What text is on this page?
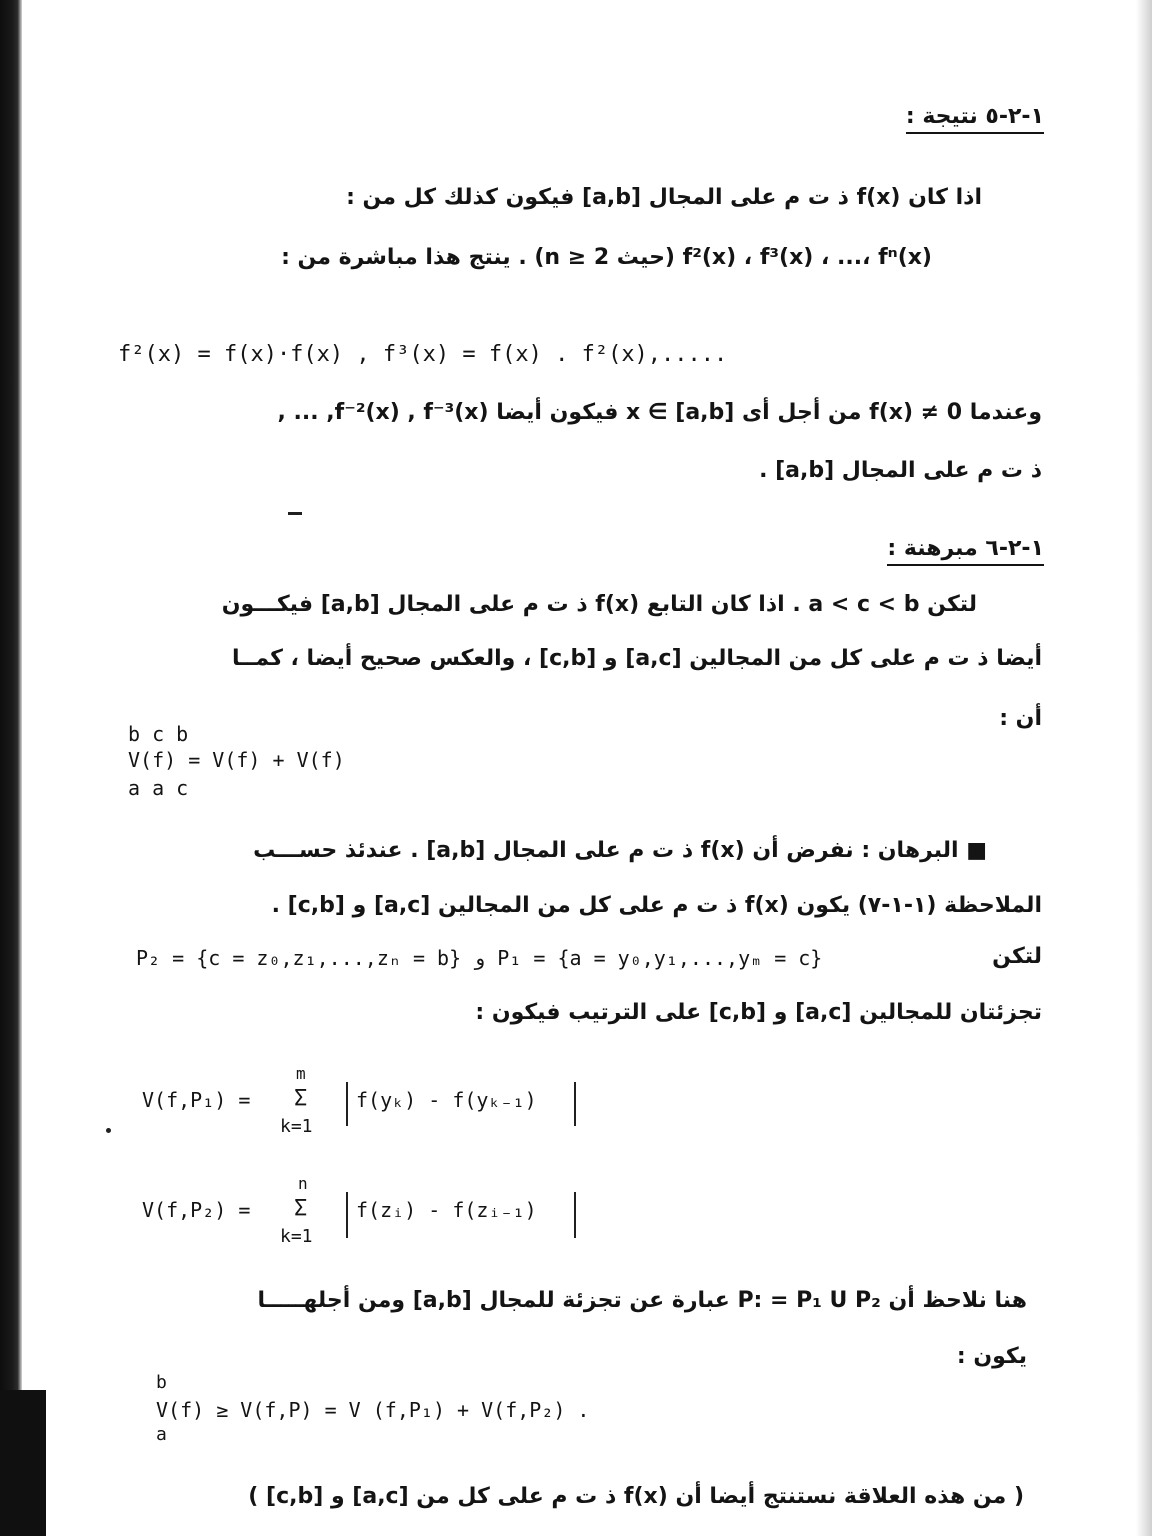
١-٢-٥ نتيجة :
اذا كان f(x) ذ ت م على المجال [a,b] فيكون كذلك كل من :
f²(x) ، f³(x) ، ...، fⁿ(x) (حيث n ≥ 2) . ينتج هذا مباشرة من :
f²(x) = f(x)·f(x) , f³(x) = f(x) . f²(x),.....
وعندما f(x) ≠ 0 من أجل أى x ∈ [a,b] فيكون أيضا f⁻²(x) , f⁻³(x), ... ,
ذ ت م على المجال [a,b] .
١-٢-٦ مبرهنة :
لتكن a < c < b . اذا كان التابع f(x) ذ ت م على المجال [a,b] فيكـــون
أيضا ذ ت م على كل من المجالين [a,c] و [c,b] ، والعكس صحيح أيضا ، كمــا
أن :
b c b
V(f) = V(f) + V(f)
a a c
■ البرهان : نفرض أن f(x) ذ ت م على المجال [a,b] . عندئذ حســـب
الملاحظة (١-١-٧) يكون f(x) ذ ت م على كل من المجالين [a,c] و [c,b] .
لتكن
P₂ = {c = z₀,z₁,...,zₙ = b} و P₁ = {a = y₀,y₁,...,yₘ = c}
تجزئتان للمجالين [a,c] و [c,b] على الترتيب فيكون :
V(f,P₁) =
m
Σ
k=1
f(yₖ) - f(yₖ₋₁)
V(f,P₂) =
n
Σ
k=1
f(zᵢ) - f(zᵢ₋₁)
هنا نلاحظ أن P: = P₁ U P₂ عبارة عن تجزئة للمجال [a,b] ومن أجلهـــــا
يكون :
b
V(f) ≥ V(f,P) = V (f,P₁) + V(f,P₂) .
a
( من هذه العلاقة نستنتج أيضا أن f(x) ذ ت م على كل من [a,c] و [c,b] )
